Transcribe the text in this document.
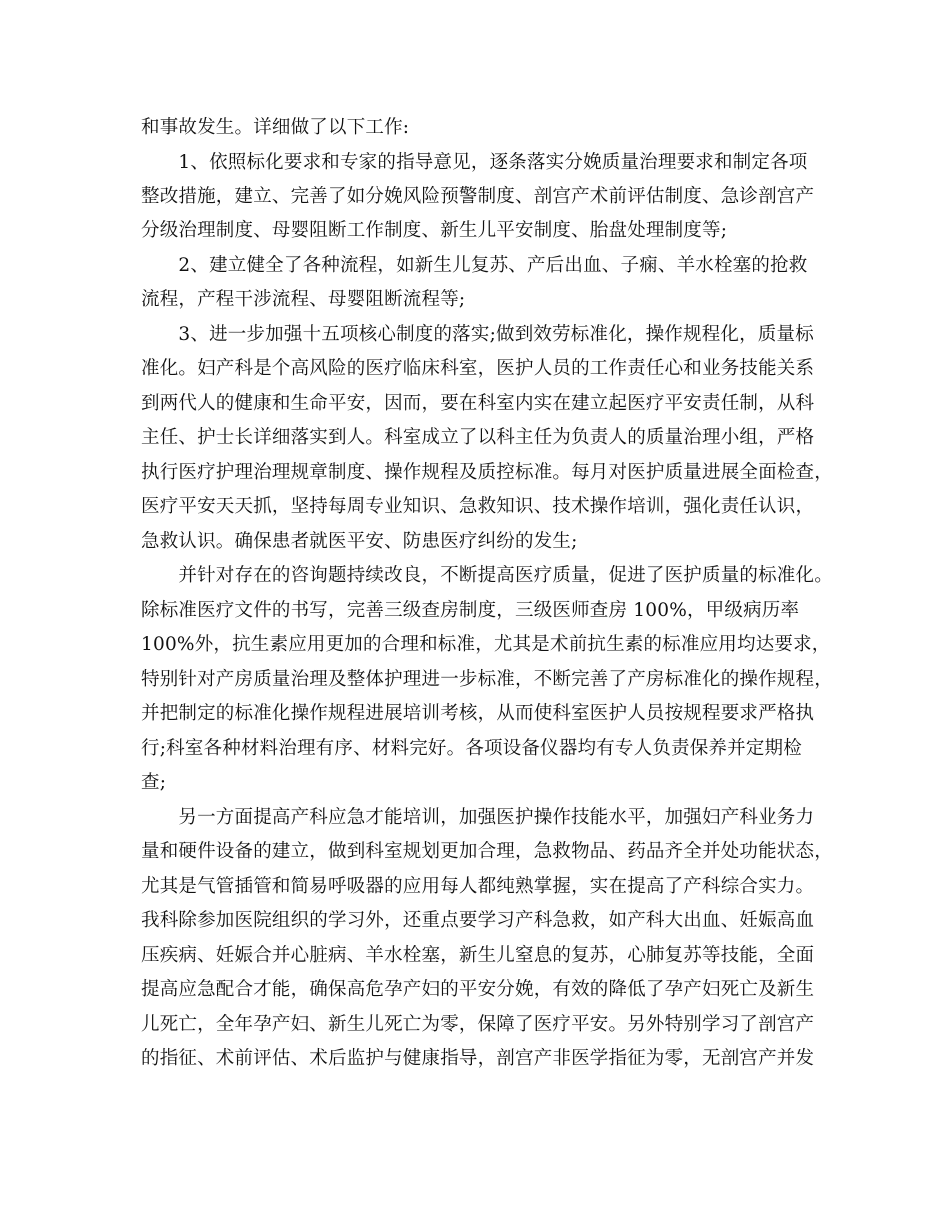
和事故发生。详细做了以下工作:
　　1、依照标化要求和专家的指导意见，逐条落实分娩质量治理要求和制定各项
整改措施，建立、完善了如分娩风险预警制度、剖宫产术前评估制度、急诊剖宫产
分级治理制度、母婴阻断工作制度、新生儿平安制度、胎盘处理制度等;
　　2、建立健全了各种流程，如新生儿复苏、产后出血、子痫、羊水栓塞的抢救
流程，产程干涉流程、母婴阻断流程等;
　　3、进一步加强十五项核心制度的落实;做到效劳标准化，操作规程化，质量标
准化。妇产科是个高风险的医疗临床科室，医护人员的工作责任心和业务技能关系
到两代人的健康和生命平安，因而，要在科室内实在建立起医疗平安责任制，从科
主任、护士长详细落实到人。科室成立了以科主任为负责人的质量治理小组，严格
执行医疗护理治理规章制度、操作规程及质控标准。每月对医护质量进展全面检查，
医疗平安天天抓，坚持每周专业知识、急救知识、技术操作培训，强化责任认识，
急救认识。确保患者就医平安、防患医疗纠纷的发生;
　　并针对存在的咨询题持续改良，不断提高医疗质量，促进了医护质量的标准化。
除标准医疗文件的书写，完善三级查房制度，三级医师查房 100%，甲级病历率
100%外，抗生素应用更加的合理和标准，尤其是术前抗生素的标准应用均达要求，
特别针对产房质量治理及整体护理进一步标准，不断完善了产房标准化的操作规程，
并把制定的标准化操作规程进展培训考核，从而使科室医护人员按规程要求严格执
行;科室各种材料治理有序、材料完好。各项设备仪器均有专人负责保养并定期检
查;
　　另一方面提高产科应急才能培训，加强医护操作技能水平，加强妇产科业务力
量和硬件设备的建立，做到科室规划更加合理，急救物品、药品齐全并处功能状态，
尤其是气管插管和简易呼吸器的应用每人都纯熟掌握，实在提高了产科综合实力。
我科除参加医院组织的学习外，还重点要学习产科急救，如产科大出血、妊娠高血
压疾病、妊娠合并心脏病、羊水栓塞，新生儿窒息的复苏，心肺复苏等技能，全面
提高应急配合才能，确保高危孕产妇的平安分娩，有效的降低了孕产妇死亡及新生
儿死亡，全年孕产妇、新生儿死亡为零，保障了医疗平安。另外特别学习了剖宫产
的指征、术前评估、术后监护与健康指导，剖宫产非医学指征为零，无剖宫产并发
